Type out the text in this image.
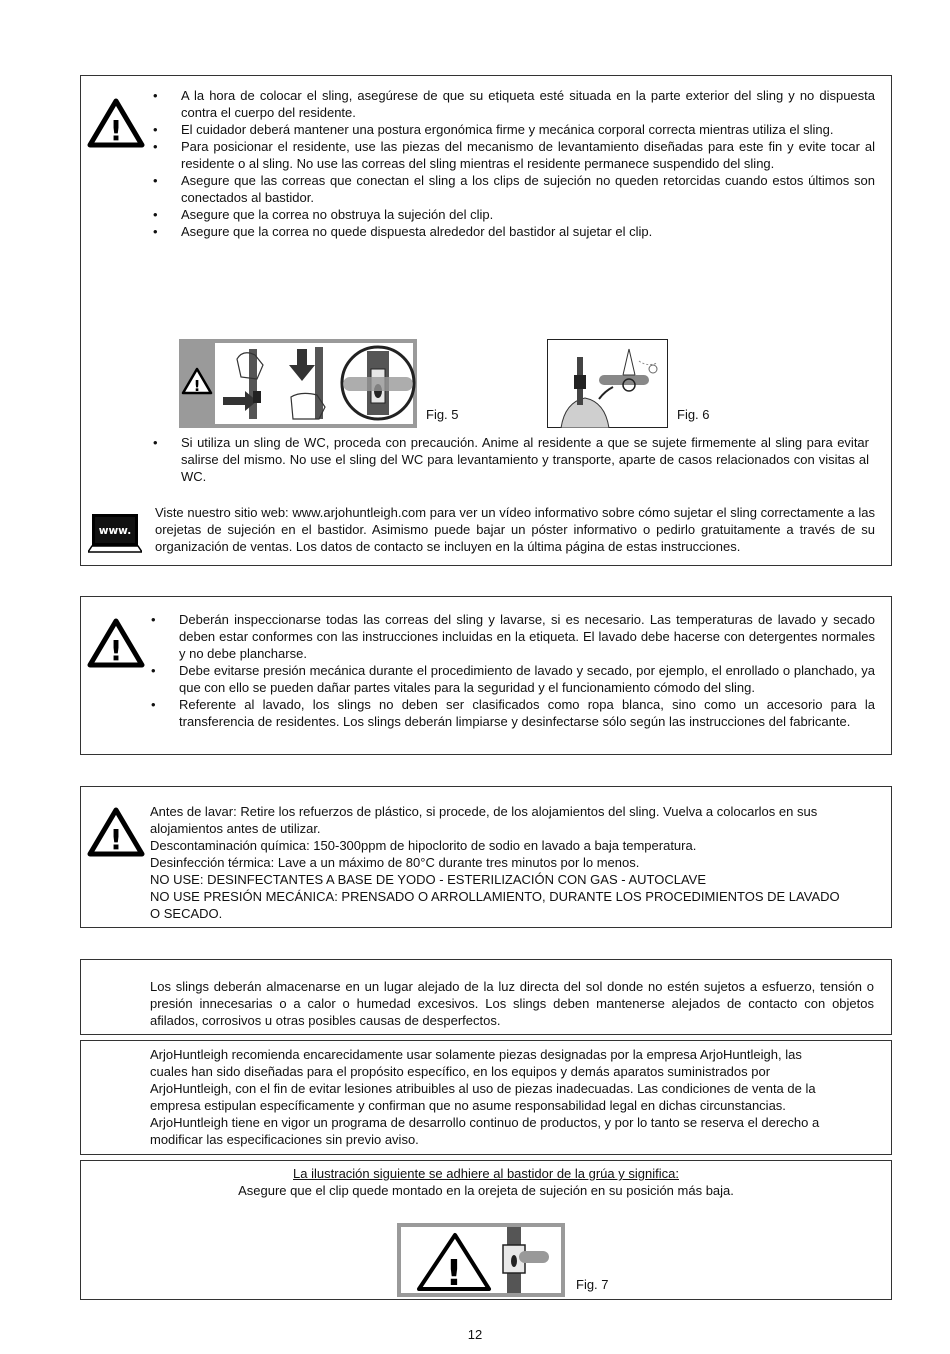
!
• A la hora de colocar el sling, asegúrese de que su etiqueta esté situada en la parte exterior del sling y no dispuesta contra el cuerpo del residente.
• El cuidador deberá mantener una postura ergonómica firme y mecánica corporal correcta mientras utiliza el sling.
• Para posicionar el residente, use las piezas del mecanismo de levantamiento diseñadas para este fin y evite tocar al residente o al sling. No use las correas del sling mientras el residente permanece suspendido del sling.
• Asegure que las correas que conectan el sling a los clips de sujeción no queden retorcidas cuando estos últimos son conectados al bastidor.
• Asegure que la correa no obstruya la sujeción del clip.
• Asegure que la correa no quede dispuesta alrededor del bastidor al sujetar el clip.
!
Fig. 5	Fig. 6
• Si utiliza un sling de WC, proceda con precaución. Anime al residente a que se sujete firmemente al sling para evitar salirse del mismo. No use el sling del WC para levantamiento y transporte, aparte de casos relacionados con visitas al WC.
www.

Viste nuestro sitio web: www.arjohuntleigh.com para ver un vídeo informativo sobre cómo sujetar el sling correctamente a las orejetas de sujeción en el bastidor. Asimismo puede bajar un póster informativo o pedirlo gratuitamente a través de su organización de ventas. Los datos de contacto se incluyen en la última página de estas instrucciones.

!
• Deberán inspeccionarse todas las correas del sling y lavarse, si es necesario. Las temperaturas de lavado y secado deben estar conformes con las instrucciones incluidas en la etiqueta. El lavado debe hacerse con detergentes normales y no debe plancharse.
• Debe evitarse presión mecánica durante el procedimiento de lavado y secado, por ejemplo, el enrollado o planchado, ya que con ello se pueden dañar partes vitales para la seguridad y el funcionamiento cómodo del sling.
• Referente al lavado, los slings no deben ser clasificados como ropa blanca, sino como un accesorio para la transferencia de residentes. Los slings deberán limpiarse y desinfectarse sólo según las instrucciones del fabricante.
!
Antes de lavar: Retire los refuerzos de plástico, si procede, de los alojamientos del sling. Vuelva a colocarlos en sus
alojamientos antes de utilizar.
Descontaminación química: 150-300ppm de hipoclorito de sodio en lavado a baja temperatura.
Desinfección térmica: Lave a un máximo de 80°C durante tres minutos por lo menos.
NO USE: DESINFECTANTES A BASE DE YODO - ESTERILIZACIÓN CON GAS - AUTOCLAVE
NO USE PRESIÓN MECÁNICA: PRENSADO O ARROLLAMIENTO, DURANTE LOS PROCEDIMIENTOS DE LAVADO
O SECADO.

Los slings deberán almacenarse en un lugar alejado de la luz directa del sol donde no estén sujetos a esfuerzo, tensión o presión innecesarias o a calor o humedad excesivos. Los slings deben mantenerse alejados de contacto con objetos afilados, corrosivos u otras posibles causas de desperfectos.

ArjoHuntleigh recomienda encarecidamente usar solamente piezas designadas por la empresa ArjoHuntleigh, las
cuales han sido diseñadas para el propósito específico, en los equipos y demás aparatos suministrados por
ArjoHuntleigh, con el fin de evitar lesiones atribuibles al uso de piezas inadecuadas. Las condiciones de venta de la
empresa estipulan específicamente y confirman que no asume responsabilidad legal en dichas circunstancias.
ArjoHuntleigh tiene en vigor un programa de desarrollo continuo de productos, y por lo tanto se reserva el derecho a
modificar las especificaciones sin previo aviso.
La ilustración siguiente se adhiere al bastidor de la grúa y significa:
Asegure que el clip quede montado en la orejeta de sujeción en su posición más baja.
!	Fig. 7
12
